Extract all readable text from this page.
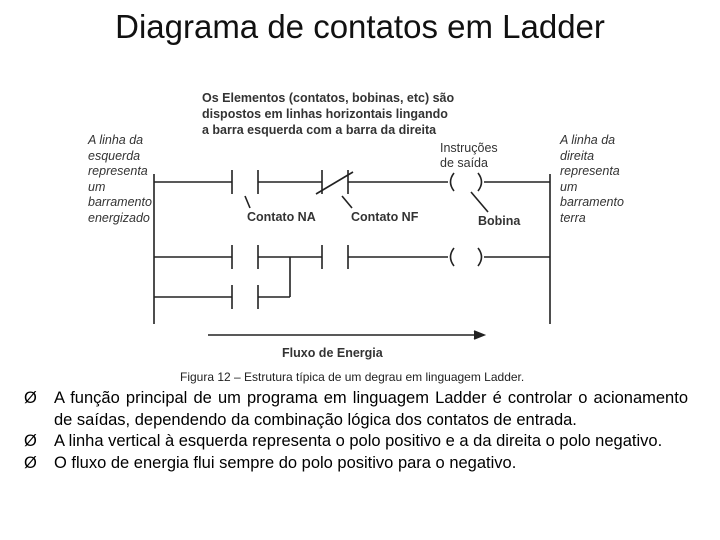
Diagrama de contatos em Ladder
Os Elementos (contatos, bobinas, etc) são
dispostos em linhas horizontais lingando
a barra esquerda com a barra da direita
A linha da
esquerda
representa
um
barramento
energizado
A linha da
direita
representa
um
barramento
terra
Instruções
de saída
Contato NA	Contato NF	Bobina
Fluxo de Energia
Figura 12 – Estrutura típica de um degrau em linguagem Ladder.
Ø A função principal de um programa em linguagem Ladder é controlar o acionamento de saídas, dependendo da combinação lógica dos contatos de entrada.
Ø A linha vertical à esquerda representa o polo positivo e a da direita o polo negativo.
Ø O fluxo de energia flui sempre do polo positivo para o negativo.
